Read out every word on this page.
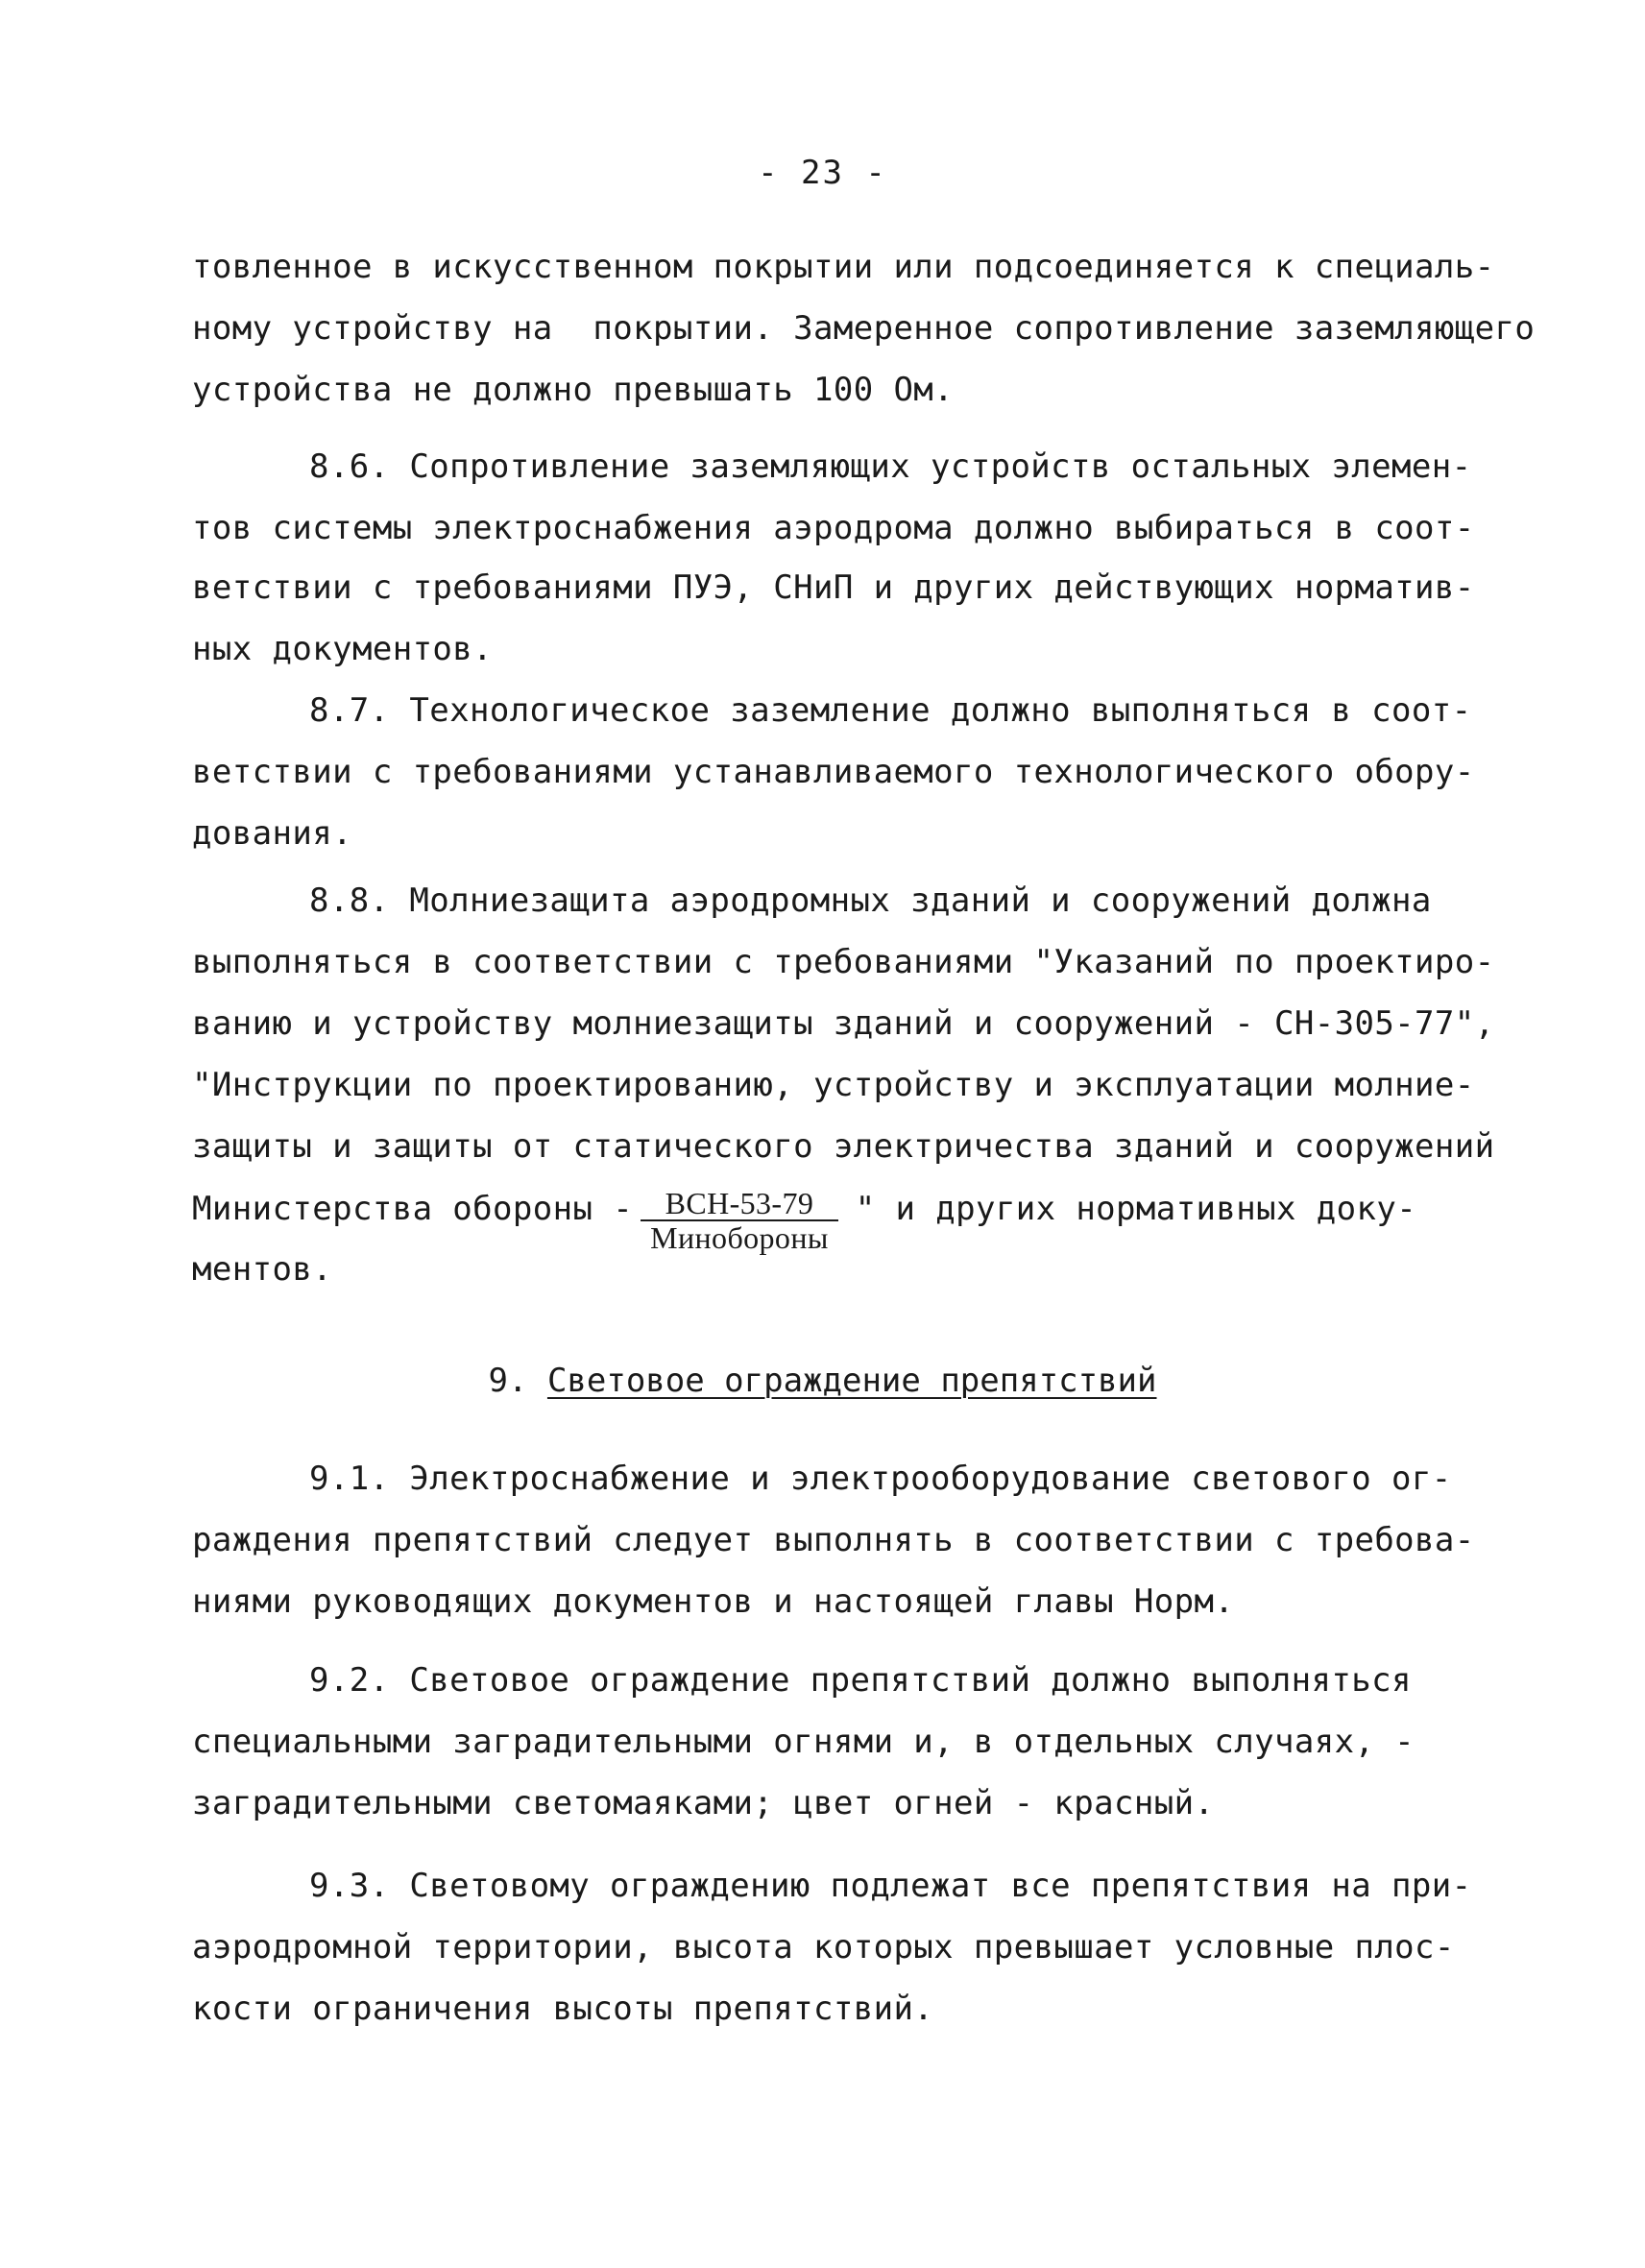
- 23 -
товленное в искусственном покрытии или подсоединяется к специаль-
ному устройству на  покрытии. Замеренное сопротивление заземляющего
устройства не должно превышать 100 Ом.
8.6. Сопротивление заземляющих устройств остальных элемен-
тов системы электроснабжения аэродрома должно выбираться в соот-
ветствии с требованиями ПУЭ, СНиП и других действующих норматив-
ных документов.
8.7. Технологическое заземление должно выполняться в соот-
ветствии с требованиями устанавливаемого технологического обору-
дования.
8.8. Молниезащита аэродромных зданий и сооружений должна
выполняться в соответствии с требованиями "Указаний по проектиро-
ванию и устройству молниезащиты зданий и сооружений - СН-305-77",
"Инструкции по проектированию, устройству и эксплуатации молние-
защиты и защиты от статического электричества зданий и сооружений
Министерства обороны - $\frac{\text{ВСН-53-79}}{\text{Минобороны}}$ " и других нормативных доку-
ментов.
9. Световое ограждение препятствий
9.1. Электроснабжение и электрооборудование светового ог-
раждения препятствий следует выполнять в соответствии с требова-
ниями руководящих документов и настоящей главы Норм.
9.2. Световое ограждение препятствий должно выполняться
специальными заградительными огнями и, в отдельных случаях, -
заградительными светомаяками; цвет огней - красный.
9.3. Световому ограждению подлежат все препятствия на при-
аэродромной территории, высота которых превышает условные плос-
кости ограничения высоты препятствий.
